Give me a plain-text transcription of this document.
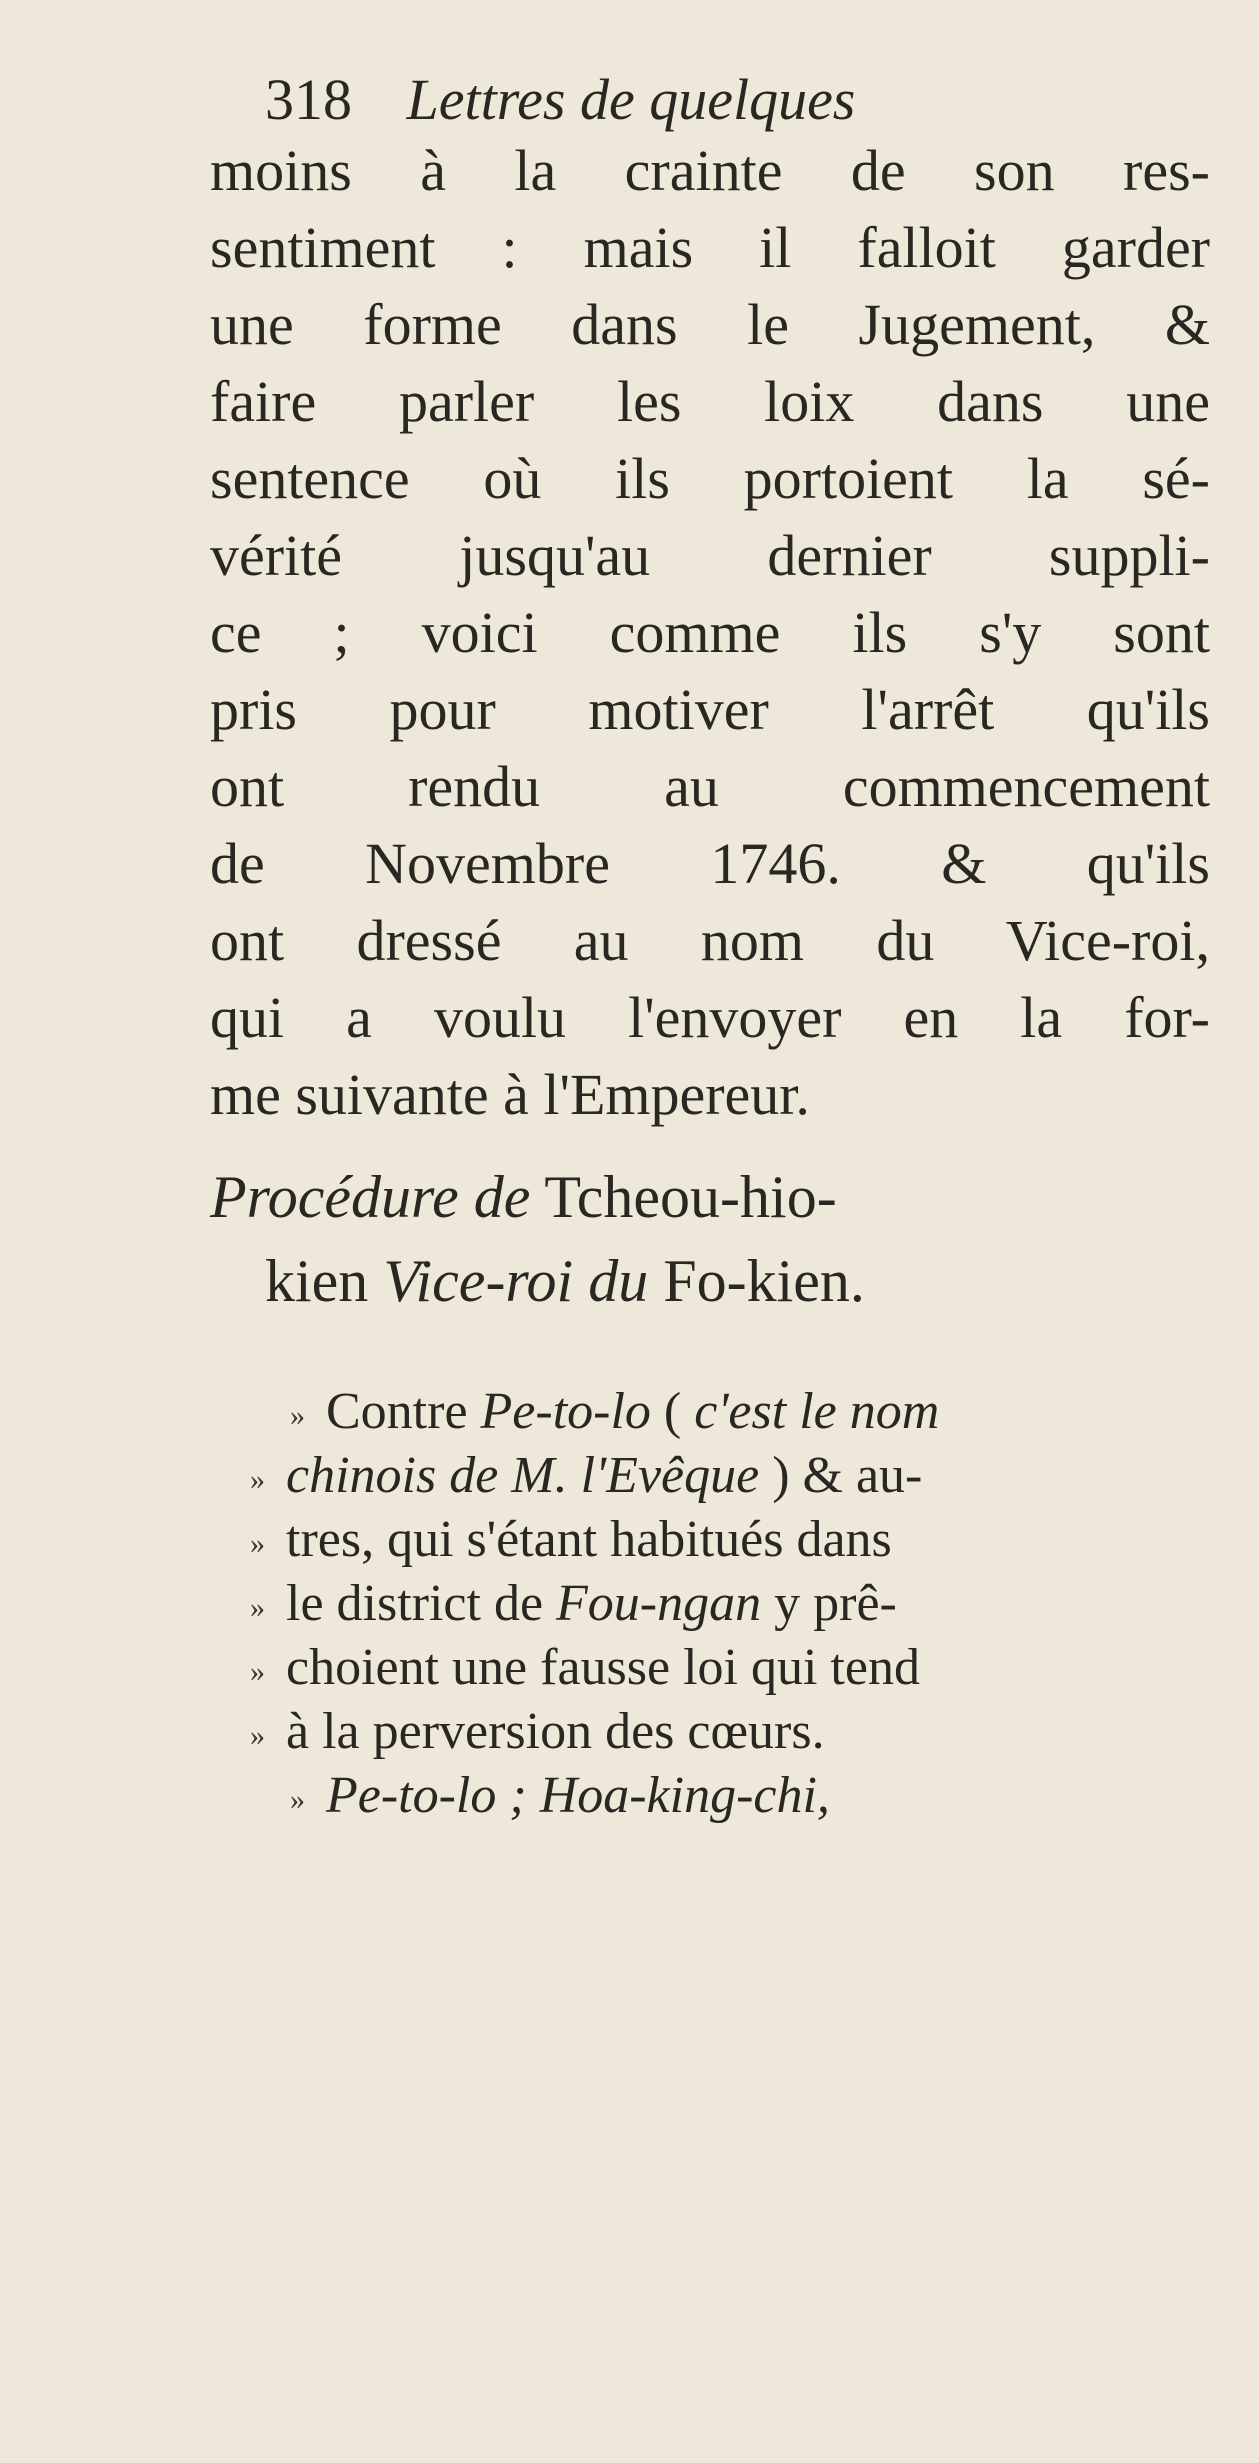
318 Lettres de quelques
moins à la crainte de son res-
sentiment : mais il falloit garder
une forme dans le Jugement, &
faire parler les loix dans une
sentence où ils portoient la sé-
vérité jusqu'au dernier suppli-
ce ; voici comme ils s'y sont
pris pour motiver l'arrêt qu'ils
ont rendu au commencement
de Novembre 1746. & qu'ils
ont dressé au nom du Vice-roi,
qui a voulu l'envoyer en la for-
me suivante à l'Empereur.
Procédure de Tcheou-hio-
kien Vice-roi du Fo-kien.
» Contre Pe-to-lo ( c'est le nom
» chinois de M. l'Evêque ) & au-
» tres, qui s'étant habitués dans
» le district de Fou-ngan y prê-
» choient une fausse loi qui tend
» à la perversion des cœurs.
» Pe-to-lo ; Hoa-king-chi,
